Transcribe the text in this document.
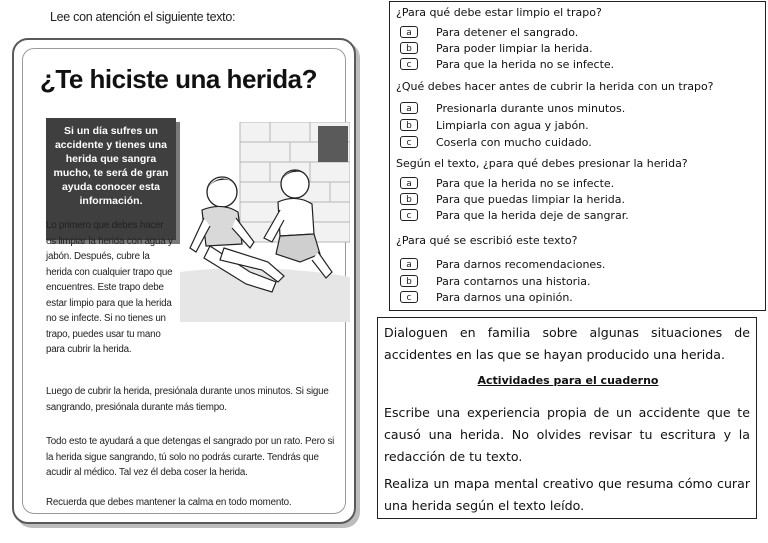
Lee con atención el siguiente texto:
¿Te hiciste una herida?

Si un día sufres un accidente y tienes una herida que sangra mucho, te será de gran ayuda conocer esta información.

Lo primero que debes hacer es limpiar la herida con agua y jabón. Después, cubre la herida con cualquier trapo que encuentres. Este trapo debe estar limpio para que la herida no se infecte. Si no tienes un trapo, puedes usar tu mano para cubrir la herida.

Luego de cubrir la herida, presiónala durante unos minutos. Si sigue sangrando, presiónala durante más tiempo.

Todo esto te ayudará a que detengas el sangrado por un rato. Pero si la herida sigue sangrando, tú solo no podrás curarte. Tendrás que acudir al médico. Tal vez él deba coser la herida.

Recuerda que debes mantener la calma en todo momento.

¿Para qué debe estar limpio el trapo?
a	Para detener el sangrado.
b	Para poder limpiar la herida.
c	Para que la herida no se infecte.
¿Qué debes hacer antes de cubrir la herida con un trapo?
a	Presionarla durante unos minutos.
b	Limpiarla con agua y jabón.
c	Coserla con mucho cuidado.
Según el texto, ¿para qué debes presionar la herida?
a	Para que la herida no se infecte.
b	Para que puedas limpiar la herida.
c	Para que la herida deje de sangrar.
¿Para qué se escribió este texto?
a	Para darnos recomendaciones.
b	Para contarnos una historia.
c	Para darnos una opinión.

Dialoguen en familia sobre algunas situaciones de accidentes en las que se hayan producido una herida.

Actividades para el cuaderno

Escribe una experiencia propia de un accidente que te causó una herida. No olvides revisar tu escritura y la redacción de tu texto.

Realiza un mapa mental creativo que resuma cómo curar una herida según el texto leído.
